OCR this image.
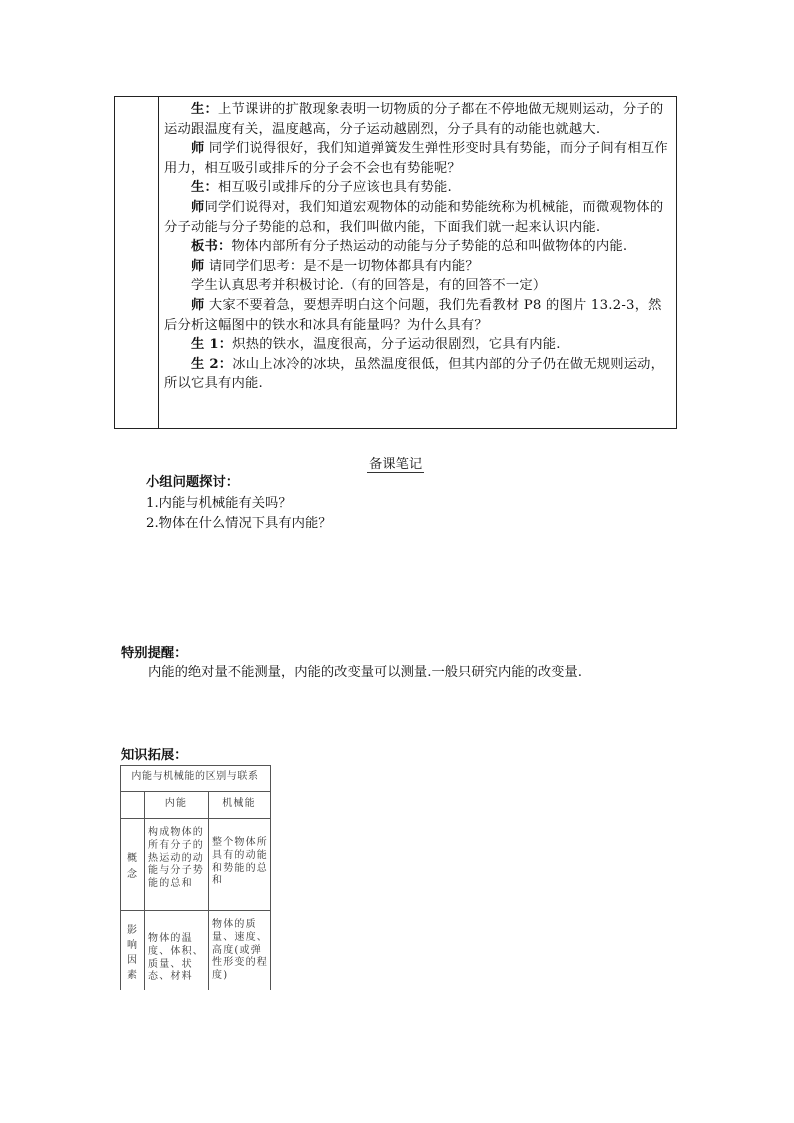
生：上节课讲的扩散现象表明一切物质的分子都在不停地做无规则运动，分子的运动跟温度有关，温度越高，分子运动越剧烈，分子具有的动能也就越大.

师 同学们说得很好，我们知道弹簧发生弹性形变时具有势能，而分子间有相互作用力，相互吸引或排斥的分子会不会也有势能呢？

生：相互吸引或排斥的分子应该也具有势能.

师同学们说得对，我们知道宏观物体的动能和势能统称为机械能，而微观物体的分子动能与分子势能的总和，我们叫做内能，下面我们就一起来认识内能.

板书：物体内部所有分子热运动的动能与分子势能的总和叫做物体的内能.

师 请同学们思考：是不是一切物体都具有内能？

学生认真思考并积极讨论.（有的回答是，有的回答不一定）

师 大家不要着急，要想弄明白这个问题，我们先看教材 P8 的图片 13.2-3，然后分析这幅图中的铁水和冰具有能量吗？为什么具有？

生 1：炽热的铁水，温度很高，分子运动很剧烈，它具有内能.

生 2：冰山上冰冷的冰块，虽然温度很低，但其内部的分子仍在做无规则运动，所以它具有内能.

备课笔记

小组问题探讨：

1.内能与机械能有关吗？

2.物体在什么情况下具有内能？

特别提醒：
内能的绝对量不能测量，内能的改变量可以测量.一般只研究内能的改变量.
知识拓展：
内能与机械能的区别与联系
内能	机械能
概念
构成物体的所有分子的热运动的动能与分子势能的总和
整个物体所具有的动能和势能的总和
影响因素
物体的温度、体积、质量、状态、材料
物体的质量、速度、高度(或弹性形变的程度)
